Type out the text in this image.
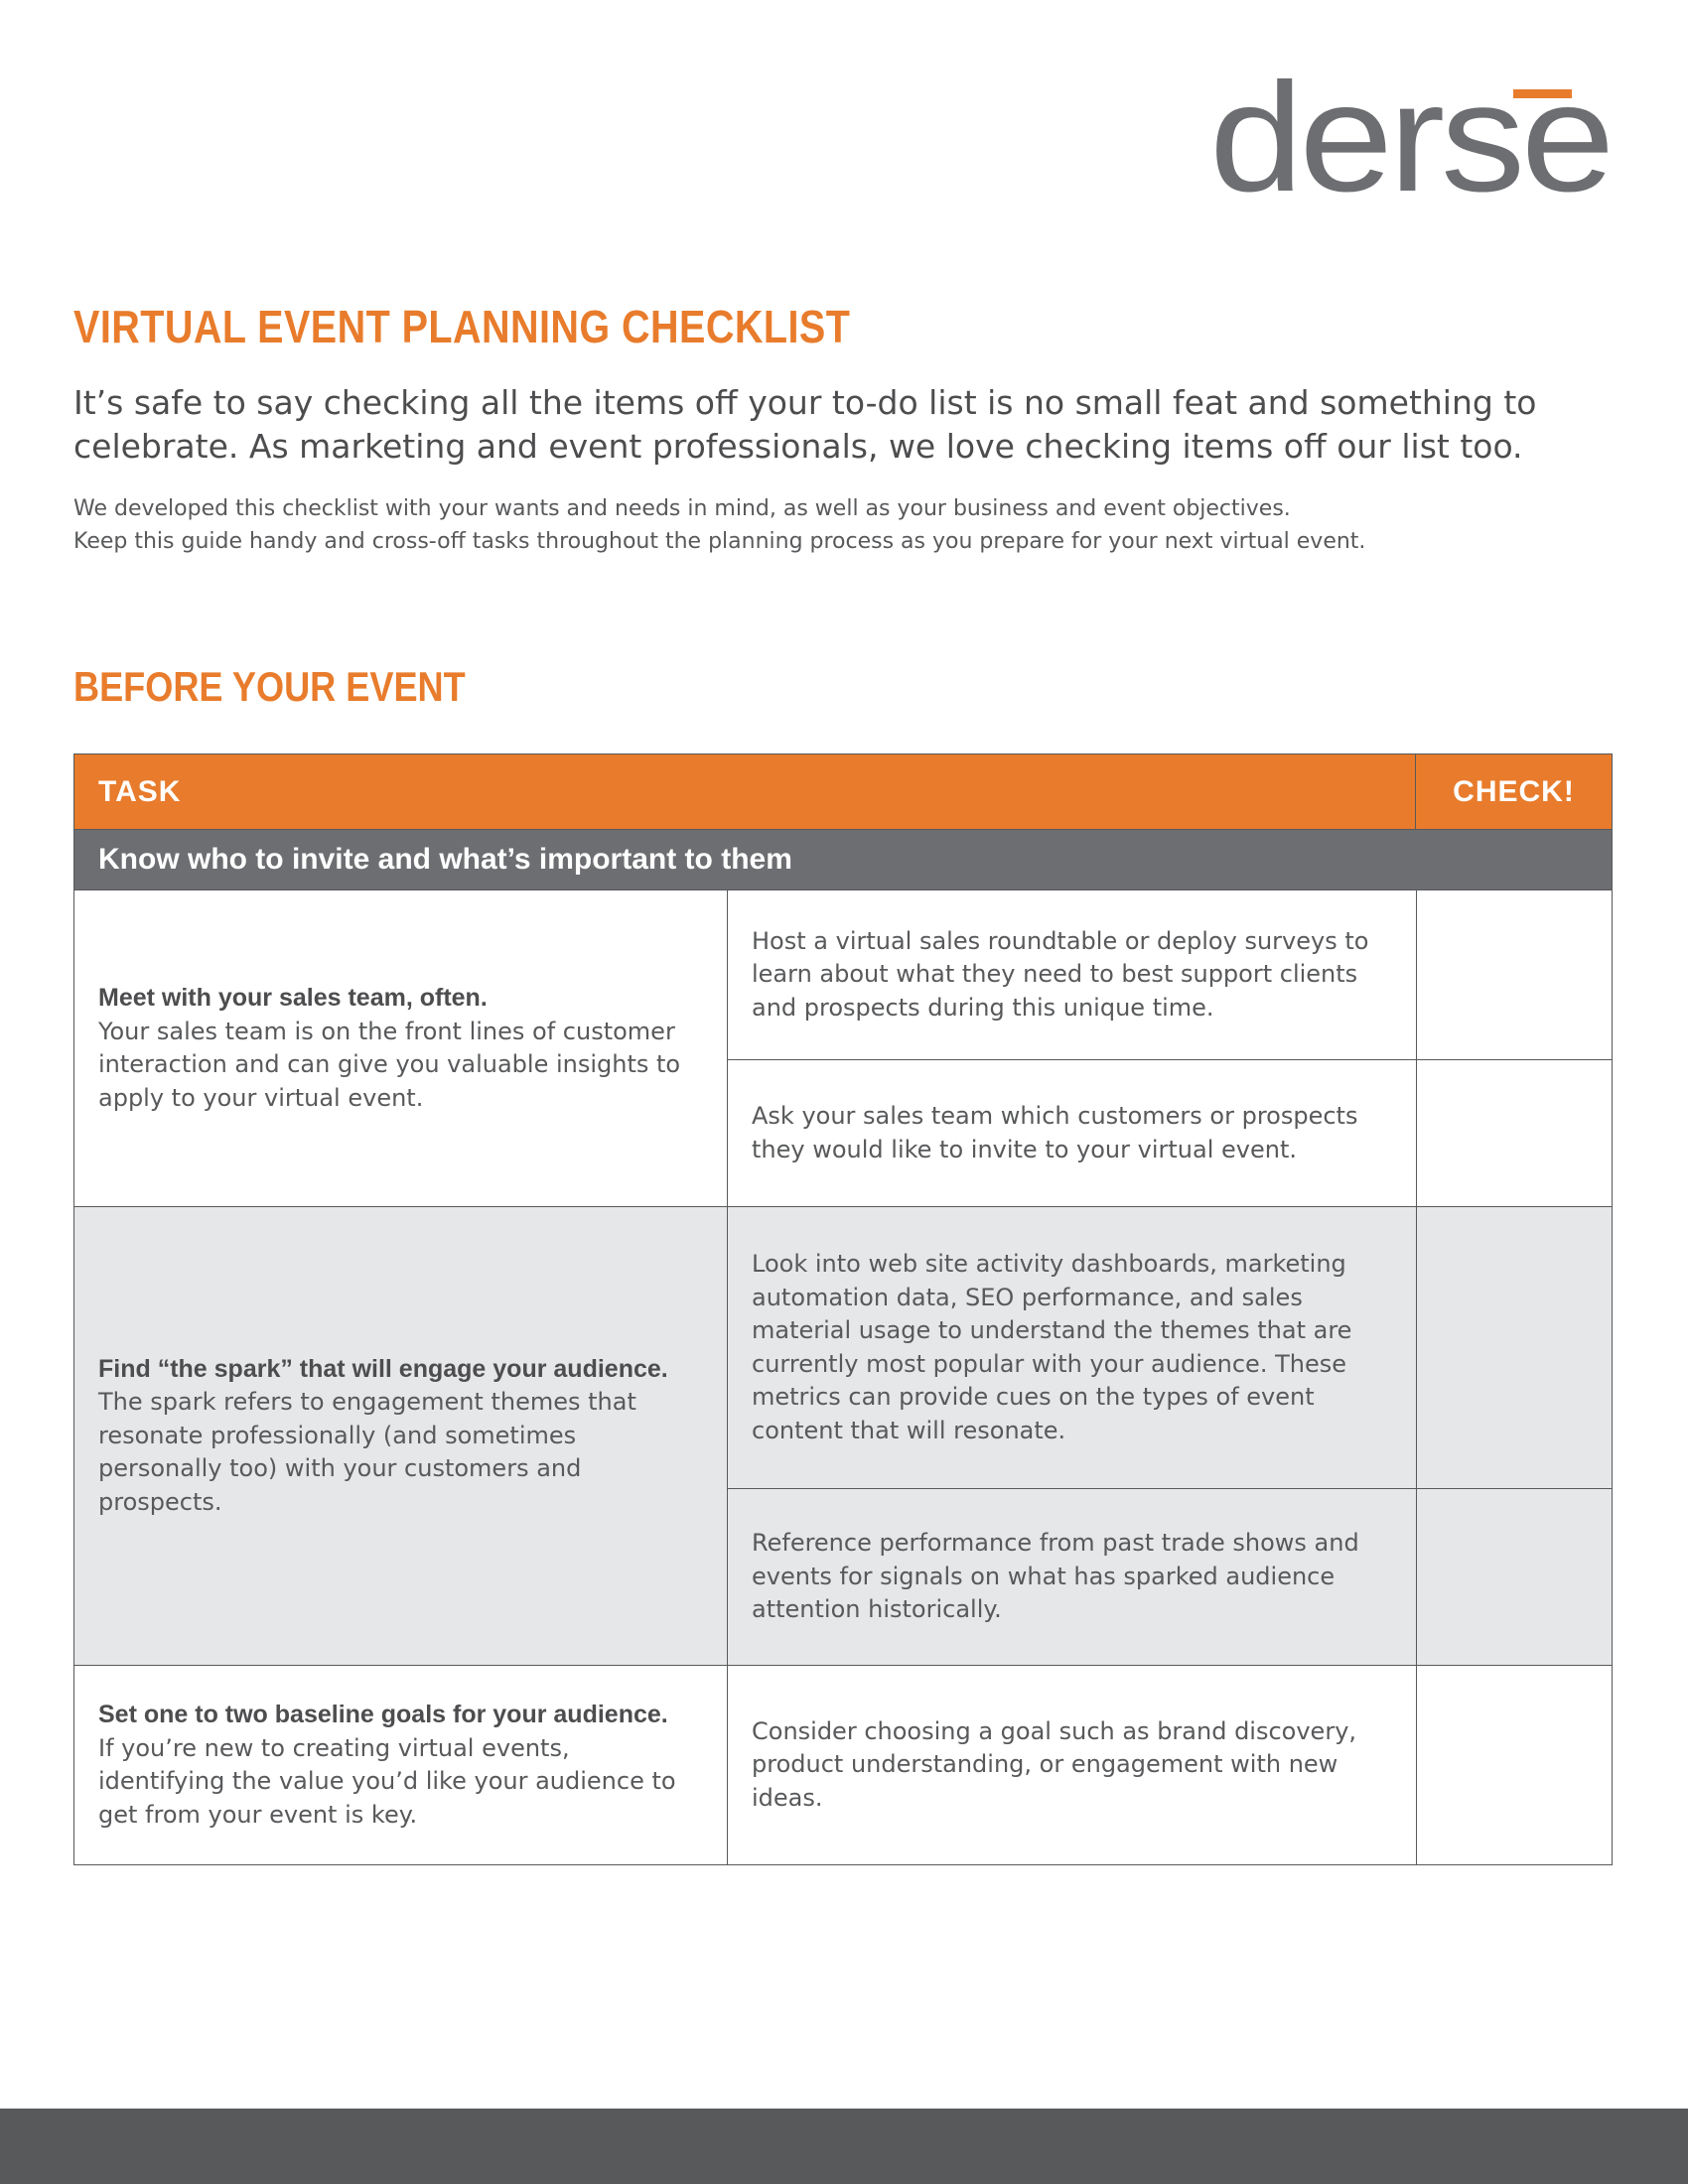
derse
VIRTUAL EVENT PLANNING CHECKLIST

It’s safe to say checking all the items off your to-do list is no small feat and something to celebrate. As marketing and event professionals, we love checking items off our list too.

We developed this checklist with your wants and needs in mind, as well as your business and event objectives.
Keep this guide handy and cross-off tasks throughout the planning process as you prepare for your next virtual event.

BEFORE YOUR EVENT
TASK	CHECK!
Know who to invite and what’s important to them
Meet with your sales team, often.
Your sales team is on the front lines of customer interaction and can give you valuable insights to apply to your virtual event.
Host a virtual sales roundtable or deploy surveys to learn about what they need to best support clients and prospects during this unique time.
Ask your sales team which customers or prospects they would like to invite to your virtual event.
Find “the spark” that will engage your audience.
The spark refers to engagement themes that resonate professionally (and sometimes personally too) with your customers and prospects.
Look into web site activity dashboards, marketing automation data, SEO performance, and sales material usage to understand the themes that are currently most popular with your audience. These metrics can provide cues on the types of event content that will resonate.
Reference performance from past trade shows and events for signals on what has sparked audience attention historically.
Set one to two baseline goals for your audience.
If you’re new to creating virtual events, identifying the value you’d like your audience to get from your event is key.
Consider choosing a goal such as brand discovery, product understanding, or engagement with new ideas.
